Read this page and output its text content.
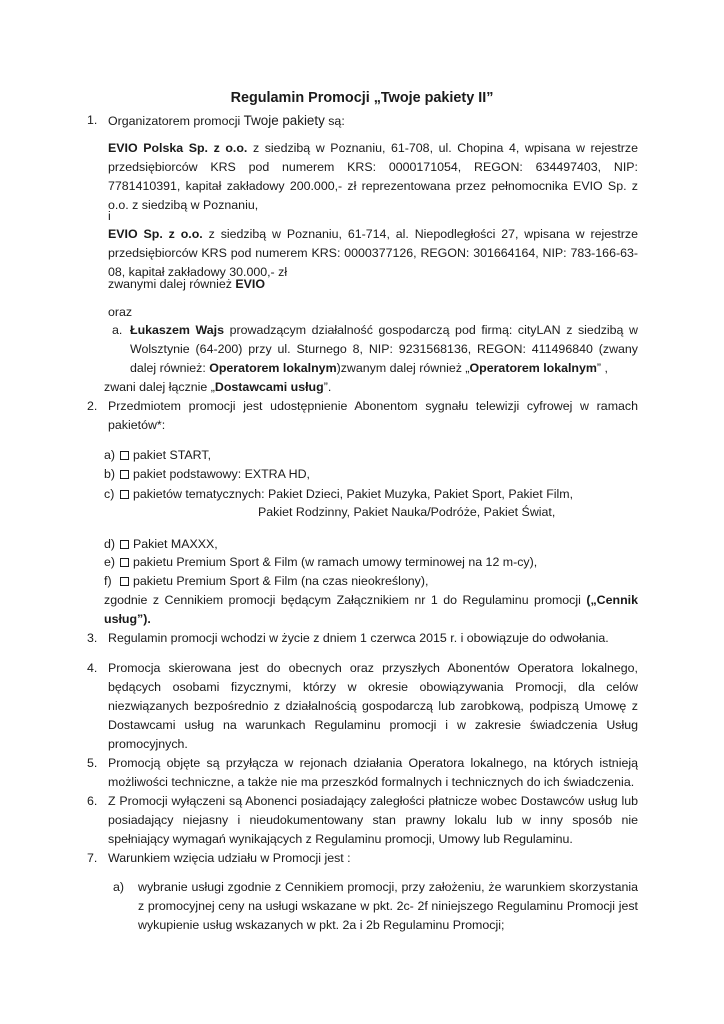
Regulamin Promocji „Twoje pakiety II”
1. Organizatorem promocji Twoje pakiety są:
EVIO Polska Sp. z o.o. z siedzibą w Poznaniu, 61-708, ul. Chopina 4, wpisana w rejestrze przedsiębiorców KRS pod numerem KRS: 0000171054, REGON: 634497403, NIP: 7781410391, kapitał zakładowy 200.000,- zł reprezentowana przez pełnomocnika EVIO Sp. z o.o. z siedzibą w Poznaniu,
i
EVIO Sp. z o.o. z siedzibą w Poznaniu, 61-714, al. Niepodległości 27, wpisana w rejestrze przedsiębiorców KRS pod numerem KRS: 0000377126, REGON: 301664164, NIP: 783-166-63-08, kapitał zakładowy 30.000,- zł
zwanymi dalej również EVIO
oraz
a. Łukaszem Wajs prowadzącym działalność gospodarczą pod firmą: cityLAN z siedzibą w Wolsztynie (64-200) przy ul. Sturnego 8, NIP: 9231568136, REGON: 411496840 (zwany dalej również: Operatorem lokalnym)zwanym dalej również „Operatorem lokalnym” ,
zwani dalej łącznie „Dostawcami usług”.
2. Przedmiotem promocji jest udostępnienie Abonentom sygnału telewizji cyfrowej w ramach pakietów*:
a)	pakiet START,
b)	pakiet podstawowy: EXTRA HD,
c)	pakietów tematycznych: Pakiet Dzieci, Pakiet Muzyka, Pakiet Sport, Pakiet Film,
Pakiet Rodzinny, Pakiet Nauka/Podróże, Pakiet Świat,
d)	Pakiet MAXXX,
e)	pakietu Premium Sport & Film (w ramach umowy terminowej na 12 m-cy),
f)	pakietu Premium Sport & Film (na czas nieokreślony),
zgodnie z Cennikiem promocji będącym Załącznikiem nr 1 do Regulaminu promocji („Cennik usług”).
3. Regulamin promocji wchodzi w życie z dniem 1 czerwca 2015 r. i obowiązuje do odwołania.
4. Promocja skierowana jest do obecnych oraz przyszłych Abonentów Operatora lokalnego, będących osobami fizycznymi, którzy w okresie obowiązywania Promocji, dla celów niezwiązanych bezpośrednio z działalnością gospodarczą lub zarobkową, podpiszą Umowę z Dostawcami usług na warunkach Regulaminu promocji i w zakresie świadczenia Usług promocyjnych.
5. Promocją objęte są przyłącza w rejonach działania Operatora lokalnego, na których istnieją możliwości techniczne, a także nie ma przeszkód formalnych i technicznych do ich świadczenia.
6. Z Promocji wyłączeni są Abonenci posiadający zaległości płatnicze wobec Dostawców usług lub posiadający niejasny i nieudokumentowany stan prawny lokalu lub w inny sposób nie spełniający wymagań wynikających z Regulaminu promocji, Umowy lub Regulaminu.
7. Warunkiem wzięcia udziału w Promocji jest :
a)	wybranie usługi zgodnie z Cennikiem promocji, przy założeniu, że warunkiem skorzystania z promocyjnej ceny na usługi wskazane w pkt. 2c- 2f niniejszego Regulaminu Promocji jest wykupienie usług wskazanych w pkt. 2a i 2b Regulaminu Promocji;
